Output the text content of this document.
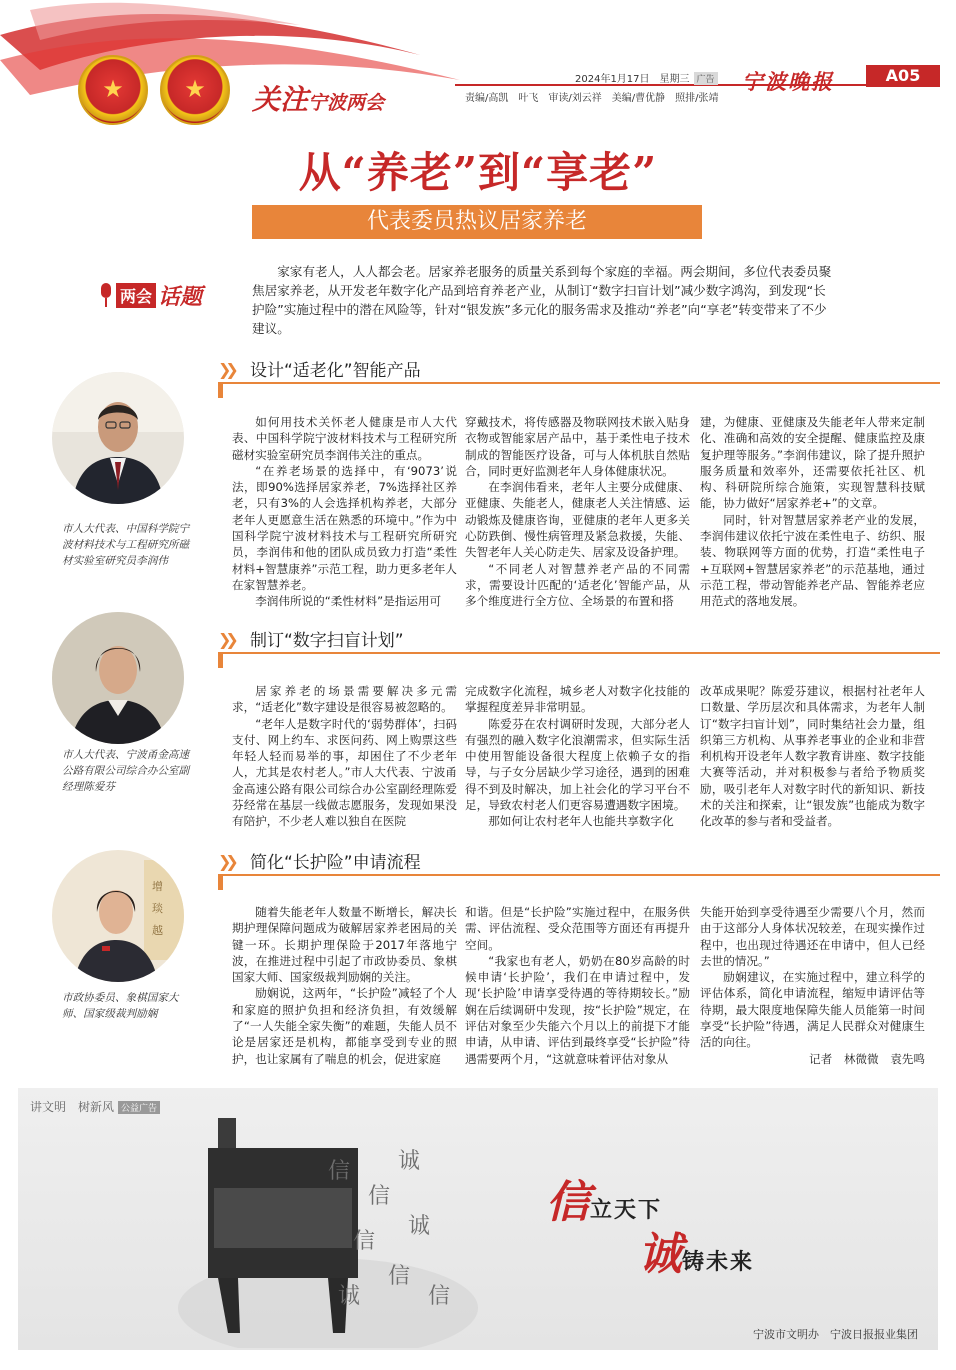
★	★	关注宁波两会
2024年1月17日　星期三 广告
责编/高凯　叶飞　审读/刘云祥　美编/曹优静　照排/张靖
宁波晚报	A05
从“养老”到“享老”
代表委员热议居家养老
两会 话题
家家有老人，人人都会老。居家养老服务的质量关系到每个家庭的幸福。两会期间，多位代表委员聚焦居家养老，从开发老年数字化产品到培育养老产业，从制订“数字扫盲计划”减少数字鸿沟，到发现“长护险”实施过程中的潜在风险等，针对“银发族”多元化的服务需求及推动“养老”向“享老”转变带来了不少建议。
❯❯ 设计“适老化”智能产品
市人大代表、中国科学院宁波材料技术与工程研究所磁材实验室研究员李润伟

如何用技术关怀老人健康是市人大代表、中国科学院宁波材料技术与工程研究所磁材实验室研究员李润伟关注的重点。

“在养老场景的选择中，有‘9073’说法，即90%选择居家养老，7%选择社区养老，只有3%的人会选择机构养老，大部分老年人更愿意生活在熟悉的环境中。”作为中国科学院宁波材料技术与工程研究所研究员，李润伟和他的团队成员致力打造“柔性材料+智慧康养”示范工程，助力更多老年人在家智慧养老。

李润伟所说的“柔性材料”是指运用可

穿戴技术，将传感器及物联网技术嵌入贴身衣物或智能家居产品中，基于柔性电子技术制成的智能医疗设备，可与人体机肤自然贴合，同时更好监测老年人身体健康状况。

在李润伟看来，老年人主要分成健康、亚健康、失能老人，健康老人关注情感、运动锻炼及健康咨询，亚健康的老年人更多关心防跌倒、慢性病管理及紧急救援，失能、失智老年人关心防走失、居家及设备护理。

“不同老人对智慧养老产品的不同需求，需要设计匹配的‘适老化’智能产品，从多个维度进行全方位、全场景的布置和搭

建，为健康、亚健康及失能老年人带来定制化、准确和高效的安全提醒、健康监控及康复护理等服务。”李润伟建议，除了提升照护服务质量和效率外，还需要依托社区、机构、科研院所综合施策，实现智慧科技赋能，协力做好“居家养老+”的文章。

同时，针对智慧居家养老产业的发展，李润伟建议依托宁波在柔性电子、纺织、服装、物联网等方面的优势，打造“柔性电子+互联网+智慧居家养老”的示范基地，通过示范工程，带动智能养老产品、智能养老应用范式的落地发展。

❯❯ 制订“数字扫盲计划”
市人大代表、宁波甬金高速公路有限公司综合办公室副经理陈爱芬

居家养老的场景需要解决多元需求，“适老化”数字建设是很容易被忽略的。

“老年人是数字时代的‘弱势群体’，扫码支付、网上约车、求医问药、网上购票这些年轻人轻而易举的事，却困住了不少老年人，尤其是农村老人。”市人大代表、宁波甬金高速公路有限公司综合办公室副经理陈爱芬经常在基层一线做志愿服务，发现如果没有陪护，不少老人难以独自在医院

完成数字化流程，城乡老人对数字化技能的掌握程度差异非常明显。

陈爱芬在农村调研时发现，大部分老人有强烈的融入数字化浪潮需求，但实际生活中使用智能设备很大程度上依赖子女的指导，与子女分居缺少学习途径，遇到的困难得不到及时解决，加上社会化的学习平台不足，导致农村老人们更容易遭遇数字困境。

那如何让农村老年人也能共享数字化

改革成果呢？陈爱芬建议，根据村社老年人口数量、学历层次和具体需求，为老年人制订“数字扫盲计划”，同时集结社会力量，组织第三方机构、从事养老事业的企业和非营利机构开设老年人数字教育讲座、数字技能大赛等活动，并对积极参与者给予物质奖励，吸引老年人对数字时代的新知识、新技术的关注和探索，让“银发族”也能成为数字化改革的参与者和受益者。

❯❯ 简化“长护险”申请流程
增
琰
越
市政协委员、象棋国家大师、国家级裁判励娴

随着失能老年人数量不断增长，解决长期护理保障问题成为破解居家养老困局的关键一环。长期护理保险于2017年落地宁波，在推进过程中引起了市政协委员、象棋国家大师、国家级裁判励娴的关注。

励娴说，这两年，“长护险”减轻了个人和家庭的照护负担和经济负担，有效缓解了“一人失能全家失衡”的难题，失能人员不论是居家还是机构，都能享受到专业的照护，也让家属有了喘息的机会，促进家庭

和谐。但是“长护险”实施过程中，在服务供需、评估流程、受众范围等方面还有再提升空间。

“我家也有老人，奶奶在80岁高龄的时候申请‘长护险’，我们在申请过程中，发现‘长护险’申请享受待遇的等待期较长。”励娴在后续调研中发现，按“长护险”规定，在评估对象至少失能六个月以上的前提下才能申请，从申请、评估到最终享受“长护险”待遇需要两个月，“这就意味着评估对象从

失能开始到享受待遇至少需要八个月，然而由于这部分人身体状况较差，在现实操作过程中，也出现过待遇还在申请中，但人已经去世的情况。”

励娴建议，在实施过程中，建立科学的评估体系，简化申请流程，缩短申请评估等待期，最大限度地保障失能人员能第一时间享受“长护险”待遇，满足人民群众对健康生活的向往。

记者　林微微　袁先鸣

讲文明　树新风 公益广告
信
信
诚
信
诚
信
诚	信
信立天下
诚铸未来
宁波市文明办　宁波日报报业集团
